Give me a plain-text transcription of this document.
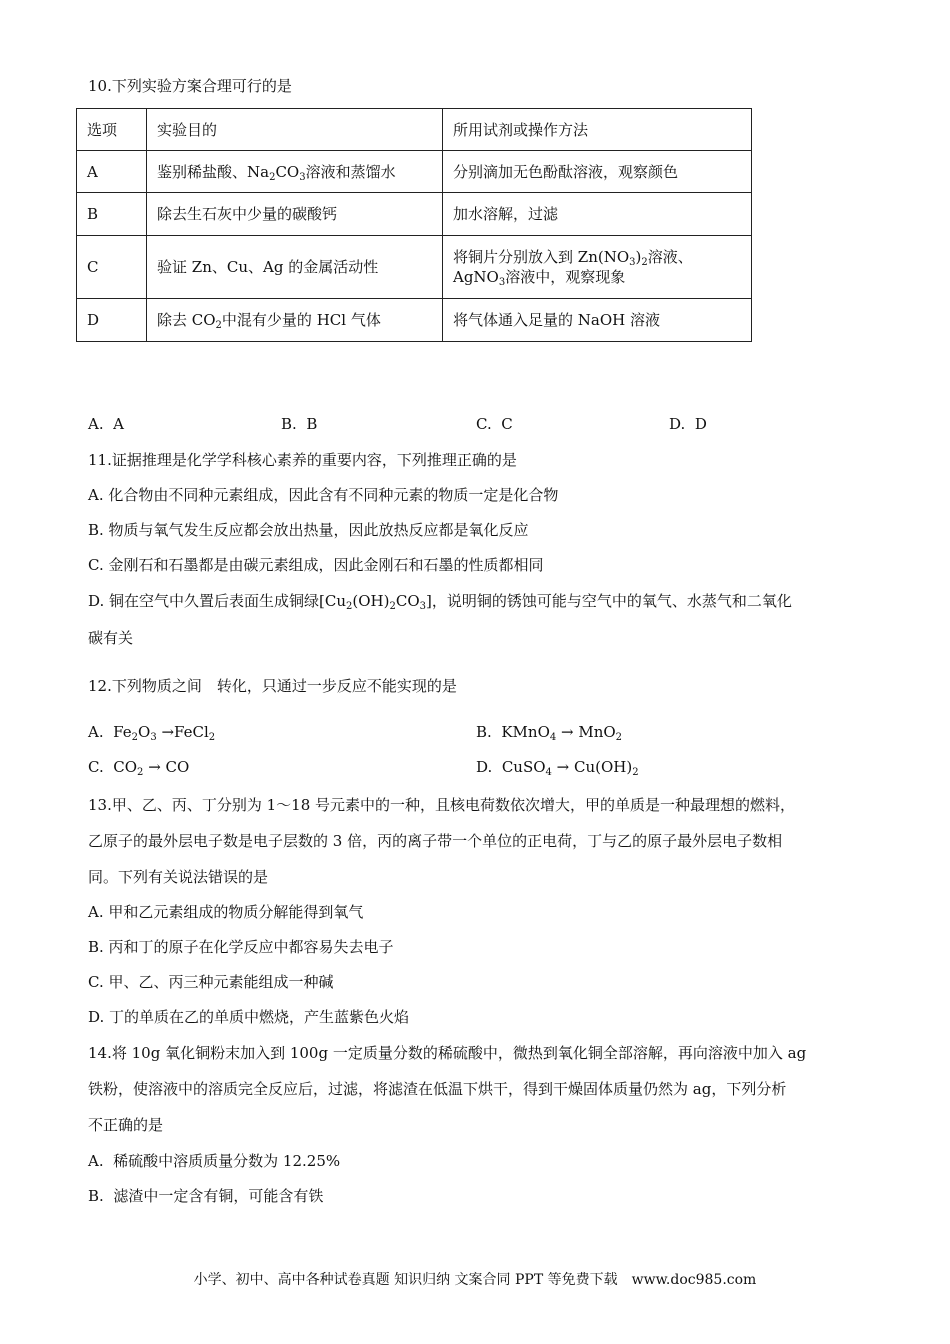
10.下列实验方案合理可行的是
选项	实验目的	所用试剂或操作方法
A	鉴别稀盐酸、$Na_2CO_3$溶液和蒸馏水	分别滴加无色酚酞溶液，观察颜色
B	除去生石灰中少量的碳酸钙	加水溶解，过滤
C	验证 Zn、Cu、Ag 的金属活动性	将铜片分别放入到 $Zn(NO_3)_2$溶液、
AgNO$_3$溶液中，观察现象
D	除去 $CO_2$中混有少量的 HCl 气体	将气体通入足量的 NaOH 溶液
A. A	B. B	C. C	D. D
11.证据推理是化学学科核心素养的重要内容，下列推理正确的是
A. 化合物由不同种元素组成，因此含有不同种元素的物质一定是化合物
B. 物质与氧气发生反应都会放出热量，因此放热反应都是氧化反应
C. 金刚石和石墨都是由碳元素组成，因此金刚石和石墨的性质都相同
D. 铜在空气中久置后表面生成铜绿$[Cu_2(OH)_2CO_3]$，说明铜的锈蚀可能与空气中的氧气、水蒸气和二氧化
碳有关
12.下列物质之间　转化，只通过一步反应不能实现的是
A. $Fe_2O_3$ →FeCl$_2$	B. KMnO$_4$ → MnO$_2$
C. $CO_2$ → CO	D. CuSO$_4$ → $Cu(OH)_2$
13.甲、乙、丙、丁分别为 1～18 号元素中的一种，且核电荷数依次增大，甲的单质是一种最理想的燃料，
乙原子的最外层电子数是电子层数的 3 倍，丙的离子带一个单位的正电荷，丁与乙的原子最外层电子数相
同。下列有关说法错误的是
A. 甲和乙元素组成的物质分解能得到氧气
B. 丙和丁的原子在化学反应中都容易失去电子
C. 甲、乙、丙三种元素能组成一种碱
D. 丁的单质在乙的单质中燃烧，产生蓝紫色火焰
14.将 10g 氧化铜粉末加入到 100g 一定质量分数的稀硫酸中，微热到氧化铜全部溶解，再向溶液中加入 ag
铁粉，使溶液中的溶质完全反应后，过滤，将滤渣在低温下烘干，得到干燥固体质量仍然为 ag，下列分析
不正确的是
A. 稀硫酸中溶质质量分数为 12.25%
B. 滤渣中一定含有铜，可能含有铁
小学、初中、高中各种试卷真题 知识归纳 文案合同 PPT 等免费下载　www.doc985.com
